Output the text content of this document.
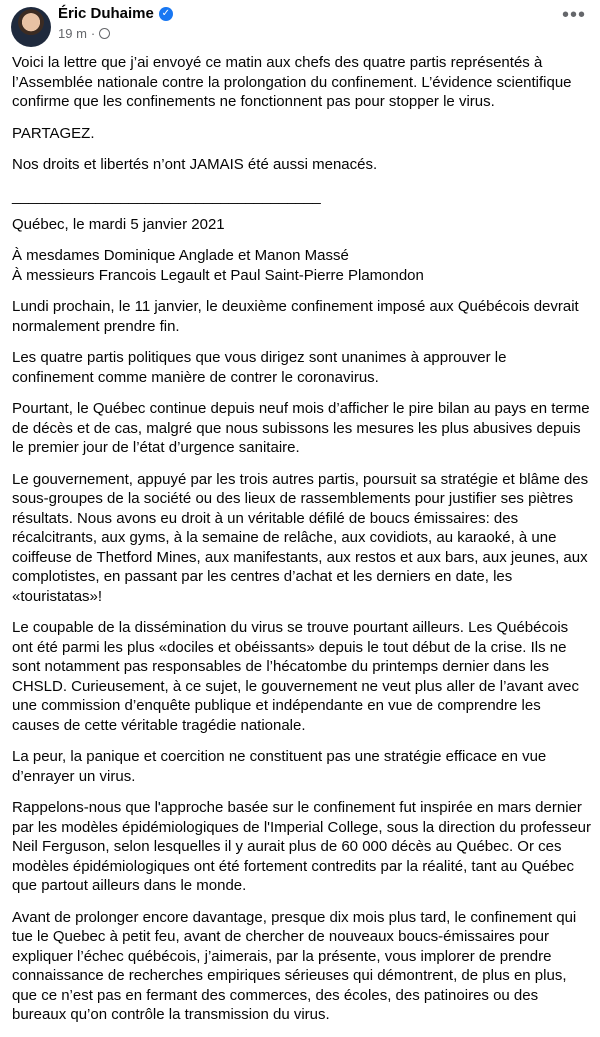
Éric Duhaime ✓
19 m ·
•••

Voici la lettre que j’ai envoyé ce matin aux chefs des quatre partis représentés à l’Assemblée nationale contre la prolongation du confinement. L’évidence scientifique confirme que les confinements ne fonctionnent pas pour stopper le virus.

PARTAGEZ.

Nos droits et libertés n’ont JAMAIS été aussi menacés.

_____________________________________

Québec, le mardi 5 janvier 2021

À mesdames Dominique Anglade et Manon Massé
À messieurs Francois Legault et Paul Saint-Pierre Plamondon

Lundi prochain, le 11 janvier, le deuxième confinement imposé aux Québécois devrait normalement prendre fin.

Les quatre partis politiques que vous dirigez sont unanimes à approuver le confinement comme manière de contrer le coronavirus.

Pourtant, le Québec continue depuis neuf mois d’afficher le pire bilan au pays en terme de décès et de cas, malgré que nous subissons les mesures les plus abusives depuis le premier jour de l’état d’urgence sanitaire.

Le gouvernement, appuyé par les trois autres partis, poursuit sa stratégie et blâme des sous-groupes de la société ou des lieux de rassemblements pour justifier ses piètres résultats. Nous avons eu droit à un véritable défilé de boucs émissaires: des récalcitrants, aux gyms, à la semaine de relâche, aux covidiots, au karaoké, à une coiffeuse de Thetford Mines, aux manifestants, aux restos et aux bars, aux jeunes, aux complotistes, en passant par les centres d’achat et les derniers en date, les «touristatas»!

Le coupable de la dissémination du virus se trouve pourtant ailleurs. Les Québécois ont été parmi les plus «dociles et obéissants» depuis le tout début de la crise. Ils ne sont notamment pas responsables de l’hécatombe du printemps dernier dans les CHSLD. Curieusement, à ce sujet, le gouvernement ne veut plus aller de l’avant avec une commission d’enquête publique et indépendante en vue de comprendre les causes de cette véritable tragédie nationale.

La peur, la panique et coercition ne constituent pas une stratégie efficace en vue d’enrayer un virus.

Rappelons-nous que l'approche basée sur le confinement fut inspirée en mars dernier par les modèles épidémiologiques de l'Imperial College, sous la direction du professeur Neil Ferguson, selon lesquelles il y aurait plus de 60 000 décès au Québec. Or ces modèles épidémiologiques ont été fortement contredits par la réalité, tant au Québec que partout ailleurs dans le monde.

Avant de prolonger encore davantage, presque dix mois plus tard, le confinement qui tue le Quebec à petit feu, avant de chercher de nouveaux boucs-émissaires pour expliquer l’échec québécois, j’aimerais, par la présente, vous implorer de prendre connaissance de recherches empiriques sérieuses qui démontrent, de plus en plus, que ce n’est pas en fermant des commerces, des écoles, des patinoires ou des bureaux qu’on contrôle la transmission du virus.
